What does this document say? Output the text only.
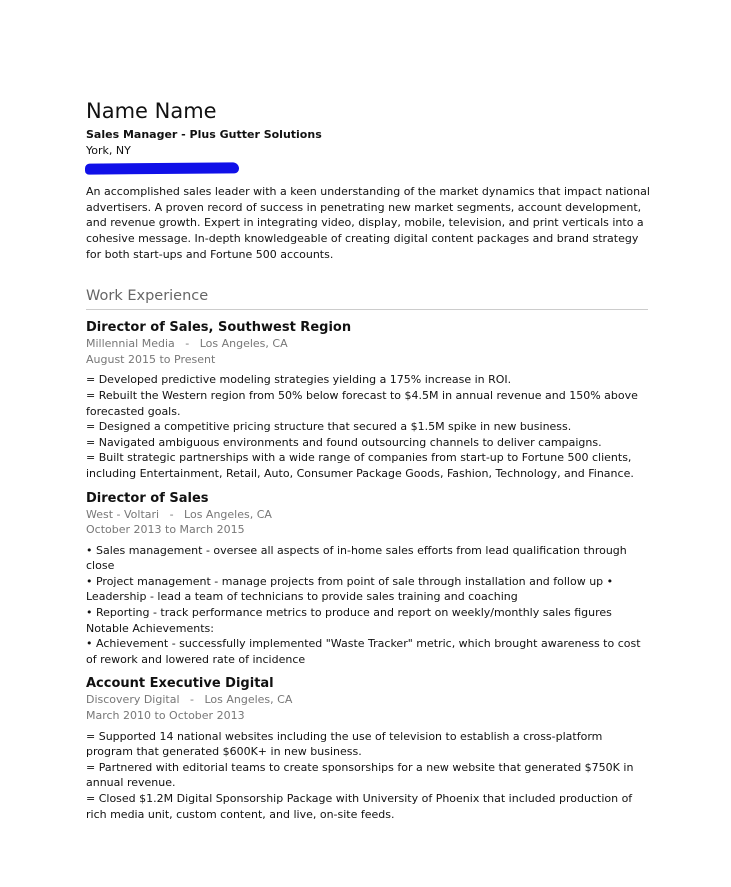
Name Name
Sales Manager - Plus Gutter Solutions
York, NY
An accomplished sales leader with a keen understanding of the market dynamics that impact national advertisers. A proven record of success in penetrating new market segments, account development, and revenue growth. Expert in integrating video, display, mobile, television, and print verticals into a cohesive message. In-depth knowledgeable of creating digital content packages and brand strategy for both start-ups and Fortune 500 accounts.
Work Experience
Director of Sales, Southwest Region
Millennial Media   -   Los Angeles, CA
August 2015 to Present
= Developed predictive modeling strategies yielding a 175% increase in ROI.
= Rebuilt the Western region from 50% below forecast to $4.5M in annual revenue and 150% above forecasted goals.
= Designed a competitive pricing structure that secured a $1.5M spike in new business.
= Navigated ambiguous environments and found outsourcing channels to deliver campaigns.
= Built strategic partnerships with a wide range of companies from start-up to Fortune 500 clients, including Entertainment, Retail, Auto, Consumer Package Goods, Fashion, Technology, and Finance.
Director of Sales
West - Voltari   -   Los Angeles, CA
October 2013 to March 2015
• Sales management - oversee all aspects of in-home sales efforts from lead qualification through close
• Project management - manage projects from point of sale through installation and follow up • Leadership - lead a team of technicians to provide sales training and coaching
• Reporting - track performance metrics to produce and report on weekly/monthly sales figures
Notable Achievements:
• Achievement - successfully implemented "Waste Tracker" metric, which brought awareness to cost of rework and lowered rate of incidence
Account Executive Digital
Discovery Digital   -   Los Angeles, CA
March 2010 to October 2013
= Supported 14 national websites including the use of television to establish a cross-platform program that generated $600K+ in new business.
= Partnered with editorial teams to create sponsorships for a new website that generated $750K in annual revenue.
= Closed $1.2M Digital Sponsorship Package with University of Phoenix that included production of rich media unit, custom content, and live, on-site feeds.
